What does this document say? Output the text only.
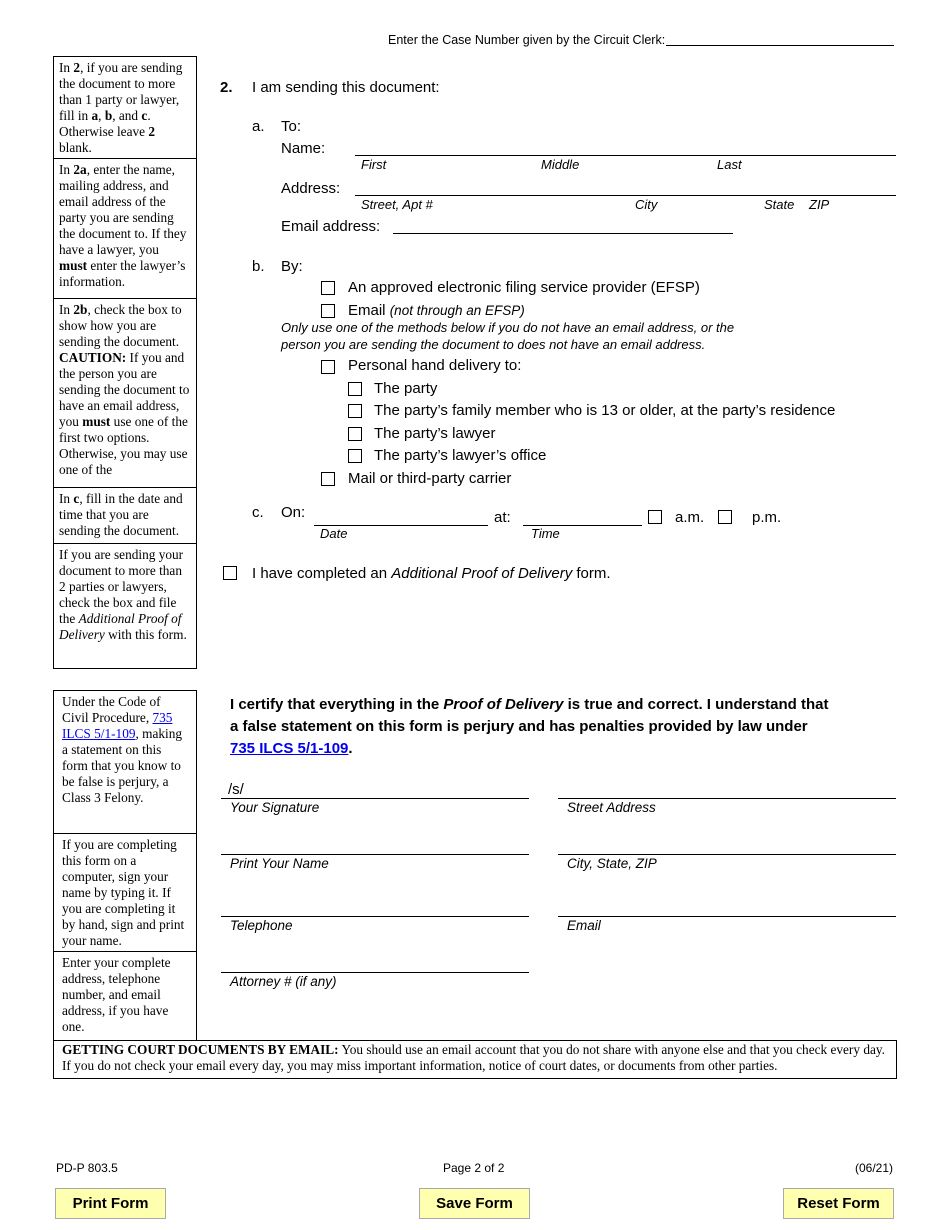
Enter the Case Number given by the Circuit Clerk:
In 2, if you are sending the document to more than 1 party or lawyer, fill in a, b, and c. Otherwise leave 2 blank.
In 2a, enter the name, mailing address, and email address of the party you are sending the document to. If they have a lawyer, you must enter the lawyer’s information.
In 2b, check the box to show how you are sending the document.
CAUTION: If you and the person you are sending the document to have an email address, you must use one of the first two options. Otherwise, you may use one of the
In c, fill in the date and time that you are sending the document.
If you are sending your document to more than 2 parties or lawyers, check the box and file the Additional Proof of Delivery with this form.
2. I am sending this document:
a. To:
Name:
First	Middle	Last
Address:
Street, Apt #	City	State ZIP
Email address:
b. By:
An approved electronic filing service provider (EFSP)
Email (not through an EFSP)
Only use one of the methods below if you do not have an email address, or the
person you are sending the document to does not have an email address.
Personal hand delivery to:
The party
The party’s family member who is 13 or older, at the party’s residence
The party’s lawyer
The party’s lawyer’s office
Mail or third-party carrier
c. On:
Date
at:
Time
a.m.	p.m.
I have completed an Additional Proof of Delivery form.
Under the Code of Civil Procedure, 735 ILCS 5/1-109, making a statement on this form that you know to be false is perjury, a Class 3 Felony.
If you are completing this form on a computer, sign your name by typing it. If you are completing it by hand, sign and print your name.
Enter your complete address, telephone number, and email address, if you have one.
I certify that everything in the Proof of Delivery is true and correct. I understand that
a false statement on this form is perjury and has penalties provided by law under
735 ILCS 5/1-109.
/s/
Your Signature	Street Address
Print Your Name	City, State, ZIP
Telephone	Email
Attorney # (if any)
GETTING COURT DOCUMENTS BY EMAIL: You should use an email account that you do not share with anyone else and that you check every day. If you do not check your email every day, you may miss important information, notice of court dates, or documents from other parties.
PD-P 803.5	Page 2 of 2	(06/21)
Print Form	Save Form	Reset Form
